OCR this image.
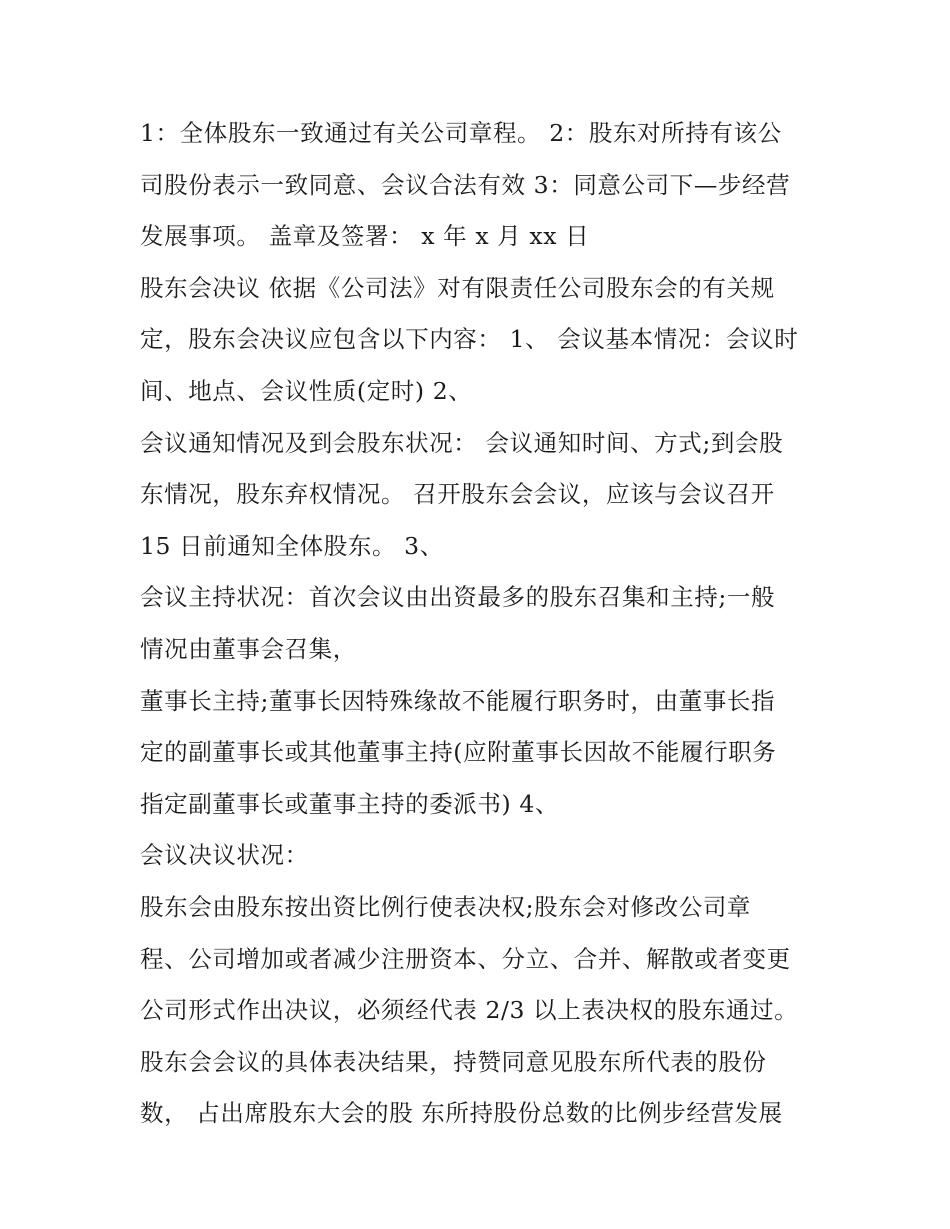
1：全体股东一致通过有关公司章程。 2：股东对所持有该公
司股份表示一致同意、会议合法有效 3：同意公司下—步经营
发展事项。 盖章及签署： x 年 x 月 xx 日
股东会决议 依据《公司法》对有限责任公司股东会的有关规
定，股东会决议应包含以下内容： 1、 会议基本情况：会议时
间、地点、会议性质(定时) 2、
会议通知情况及到会股东状况： 会议通知时间、方式;到会股
东情况，股东弃权情况。 召开股东会会议，应该与会议召开
15 日前通知全体股东。 3、
会议主持状况：首次会议由出资最多的股东召集和主持;一般
情况由董事会召集，
董事长主持;董事长因特殊缘故不能履行职务时，由董事长指
定的副董事长或其他董事主持(应附董事长因故不能履行职务
指定副董事长或董事主持的委派书) 4、
会议决议状况：
股东会由股东按出资比例行使表决权;股东会对修改公司章
程、公司增加或者减少注册资本、分立、合并、解散或者变更
公司形式作出决议，必须经代表 2/3 以上表决权的股东通过。
股东会会议的具体表决结果，持赞同意见股东所代表的股份
数， 占出席股东大会的股 东所持股份总数的比例步经营发展
